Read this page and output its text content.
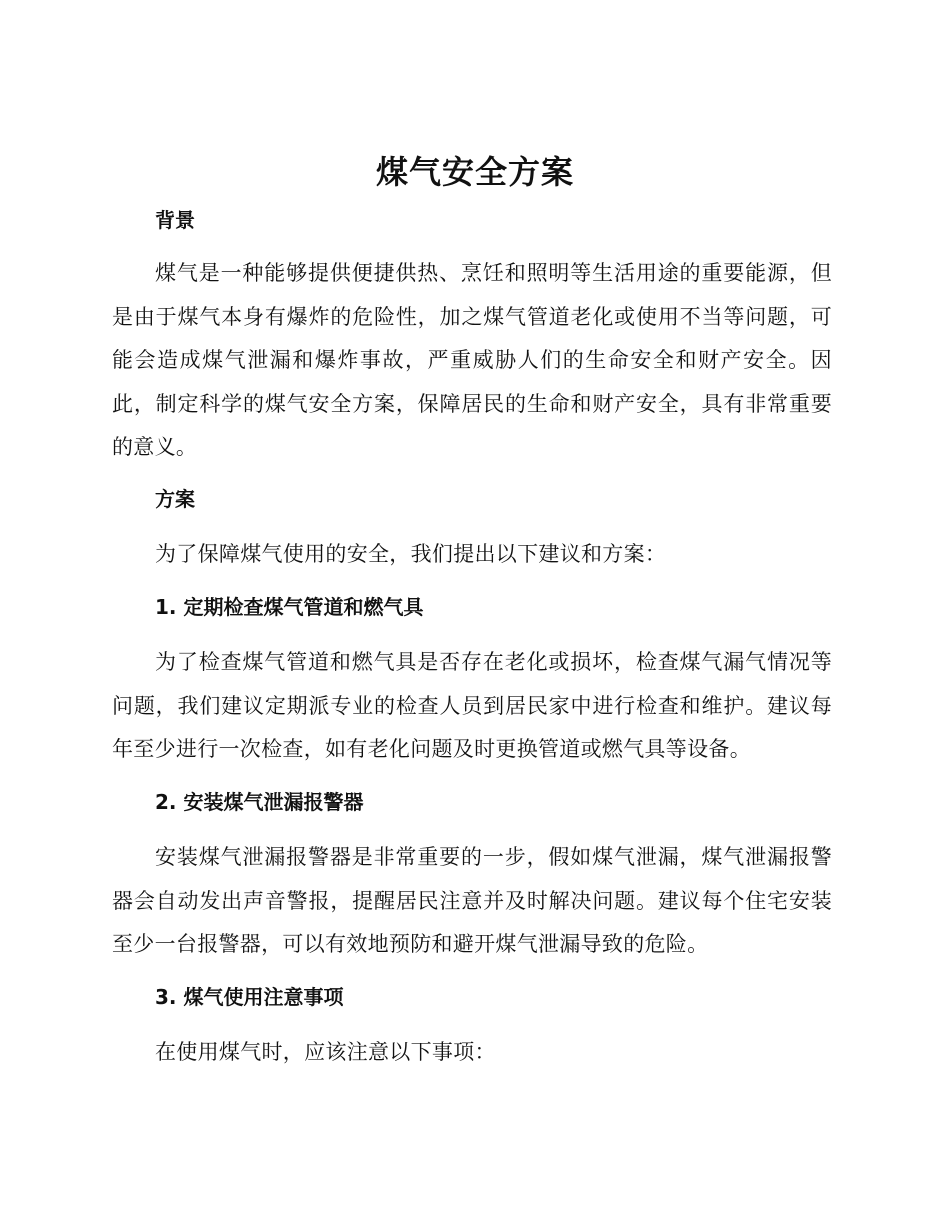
煤气安全方案
背景

煤气是一种能够提供便捷供热、烹饪和照明等生活用途的重要能源，但是由于煤气本身有爆炸的危险性，加之煤气管道老化或使用不当等问题，可能会造成煤气泄漏和爆炸事故，严重威胁人们的生命安全和财产安全。因此，制定科学的煤气安全方案，保障居民的生命和财产安全，具有非常重要的意义。

方案

为了保障煤气使用的安全，我们提出以下建议和方案：

1. 定期检查煤气管道和燃气具

为了检查煤气管道和燃气具是否存在老化或损坏，检查煤气漏气情况等问题，我们建议定期派专业的检查人员到居民家中进行检查和维护。建议每年至少进行一次检查，如有老化问题及时更换管道或燃气具等设备。

2. 安装煤气泄漏报警器

安装煤气泄漏报警器是非常重要的一步，假如煤气泄漏，煤气泄漏报警器会自动发出声音警报，提醒居民注意并及时解决问题。建议每个住宅安装至少一台报警器，可以有效地预防和避开煤气泄漏导致的危险。

3. 煤气使用注意事项

在使用煤气时，应该注意以下事项：
